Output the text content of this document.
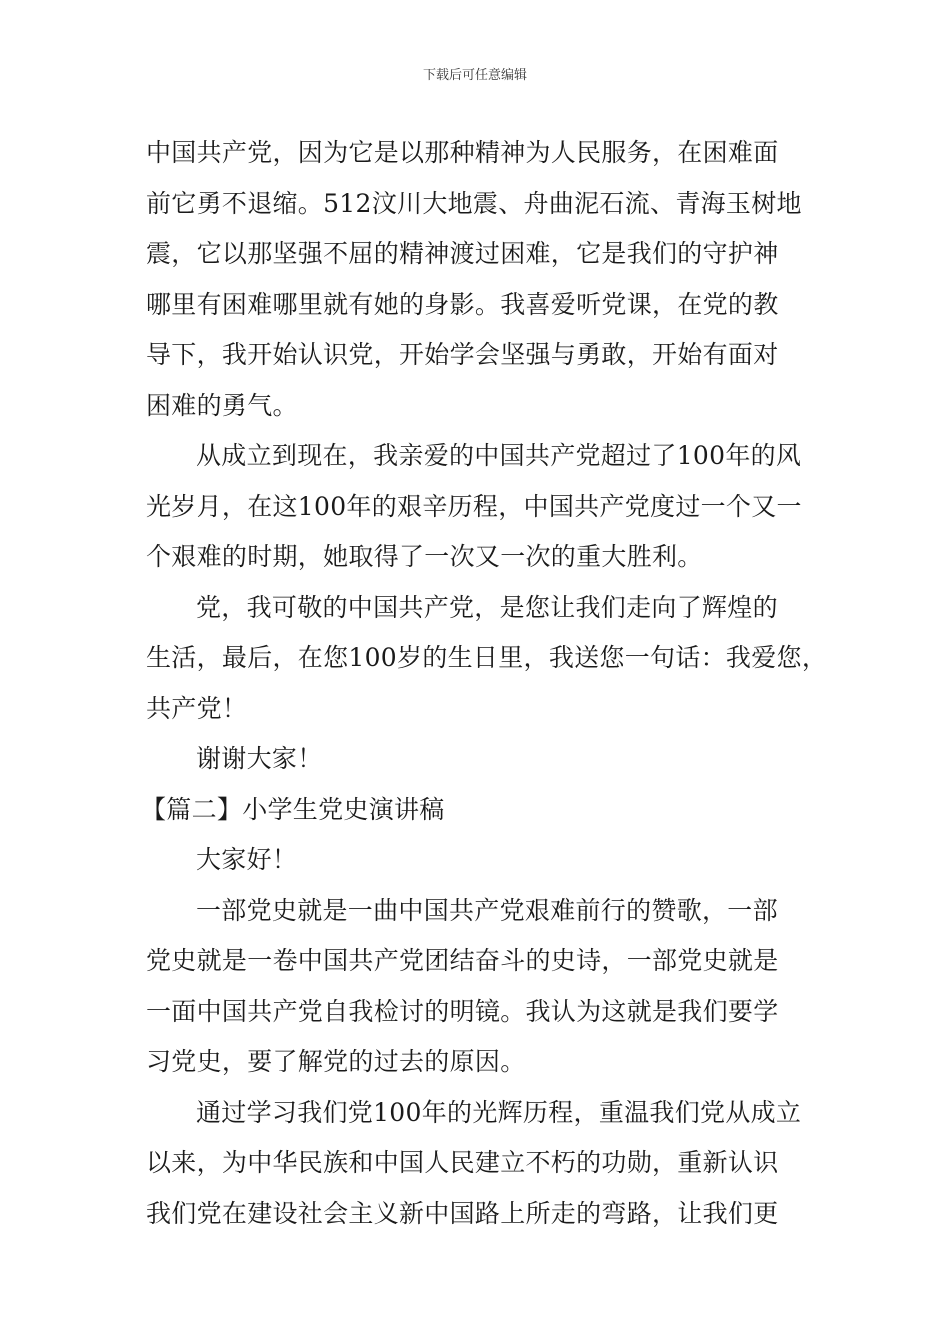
下载后可任意编辑
中国共产党，因为它是以那种精神为人民服务，在困难面
前它勇不退缩。512汶川大地震、舟曲泥石流、青海玉树地
震，它以那坚强不屈的精神渡过困难，它是我们的守护神
哪里有困难哪里就有她的身影。我喜爱听党课，在党的教
导下，我开始认识党，开始学会坚强与勇敢，开始有面对
困难的勇气。
从成立到现在，我亲爱的中国共产党超过了100年的风
光岁月，在这100年的艰辛历程，中国共产党度过一个又一
个艰难的时期，她取得了一次又一次的重大胜利。
党，我可敬的中国共产党，是您让我们走向了辉煌的
生活，最后，在您100岁的生日里，我送您一句话：我爱您，
共产党！
谢谢大家！
【篇二】小学生党史演讲稿
大家好！
一部党史就是一曲中国共产党艰难前行的赞歌，一部
党史就是一卷中国共产党团结奋斗的史诗，一部党史就是
一面中国共产党自我检讨的明镜。我认为这就是我们要学
习党史，要了解党的过去的原因。
通过学习我们党100年的光辉历程，重温我们党从成立
以来，为中华民族和中国人民建立不朽的功勋，重新认识
我们党在建设社会主义新中国路上所走的弯路，让我们更
